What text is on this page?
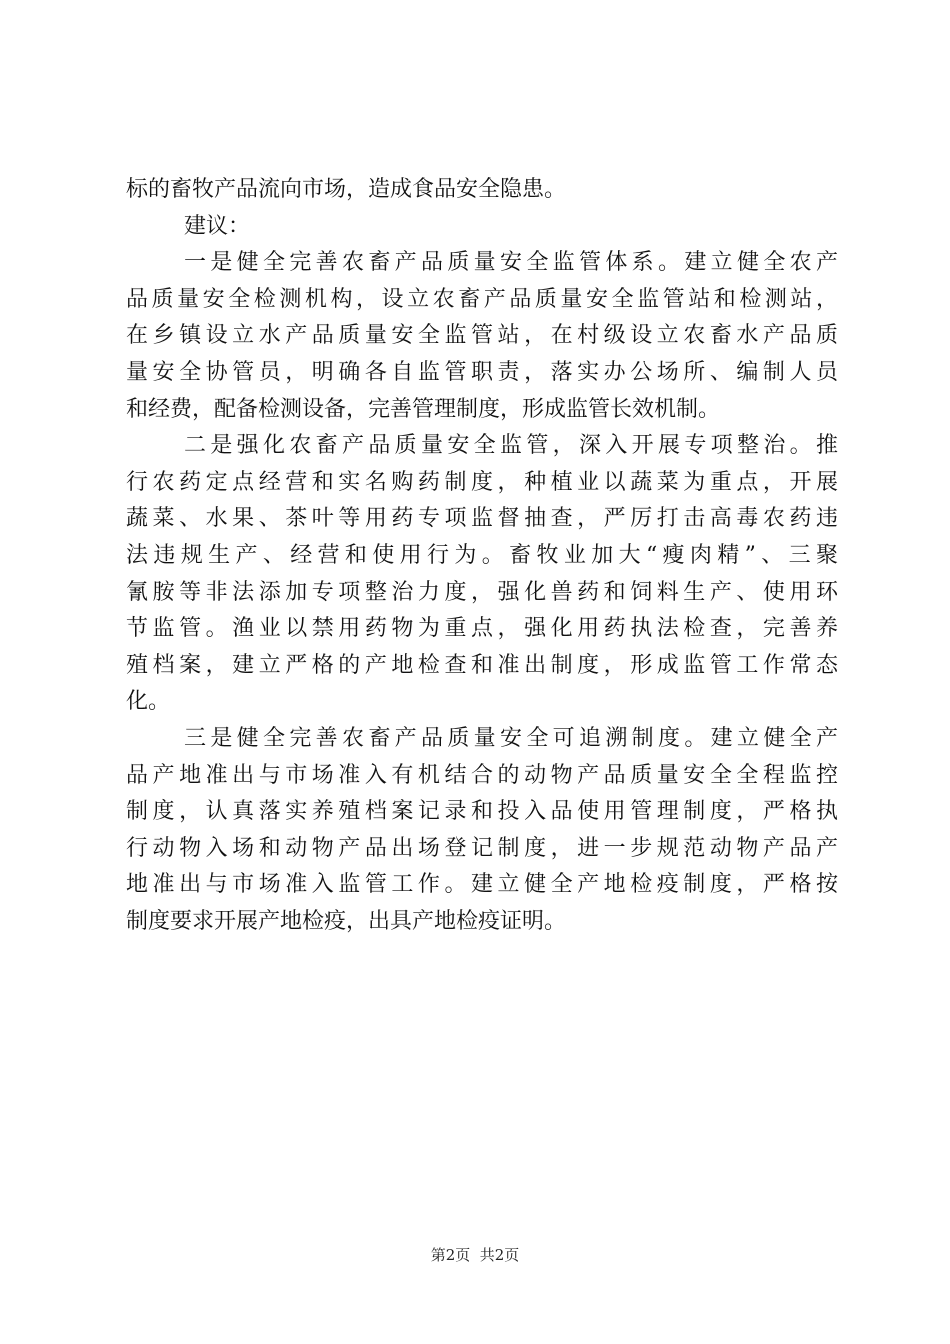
标的畜牧产品流向市场，造成食品安全隐患。
建议：
一是健全完善农畜产品质量安全监管体系。建立健全农产
品质量安全检测机构，设立农畜产品质量安全监管站和检测站，
在乡镇设立水产品质量安全监管站，在村级设立农畜水产品质
量安全协管员，明确各自监管职责，落实办公场所、编制人员
和经费，配备检测设备，完善管理制度，形成监管长效机制。
二是强化农畜产品质量安全监管，深入开展专项整治。推
行农药定点经营和实名购药制度，种植业以蔬菜为重点，开展
蔬菜、水果、茶叶等用药专项监督抽查，严厉打击高毒农药违
法违规生产、经营和使用行为。畜牧业加大“瘦肉精”、三聚
氰胺等非法添加专项整治力度，强化兽药和饲料生产、使用环
节监管。渔业以禁用药物为重点，强化用药执法检查，完善养
殖档案，建立严格的产地检查和准出制度，形成监管工作常态
化。
三是健全完善农畜产品质量安全可追溯制度。建立健全产
品产地准出与市场准入有机结合的动物产品质量安全全程监控
制度，认真落实养殖档案记录和投入品使用管理制度，严格执
行动物入场和动物产品出场登记制度，进一步规范动物产品产
地准出与市场准入监管工作。建立健全产地检疫制度，严格按
制度要求开展产地检疫，出具产地检疫证明。
第2页  共2页
